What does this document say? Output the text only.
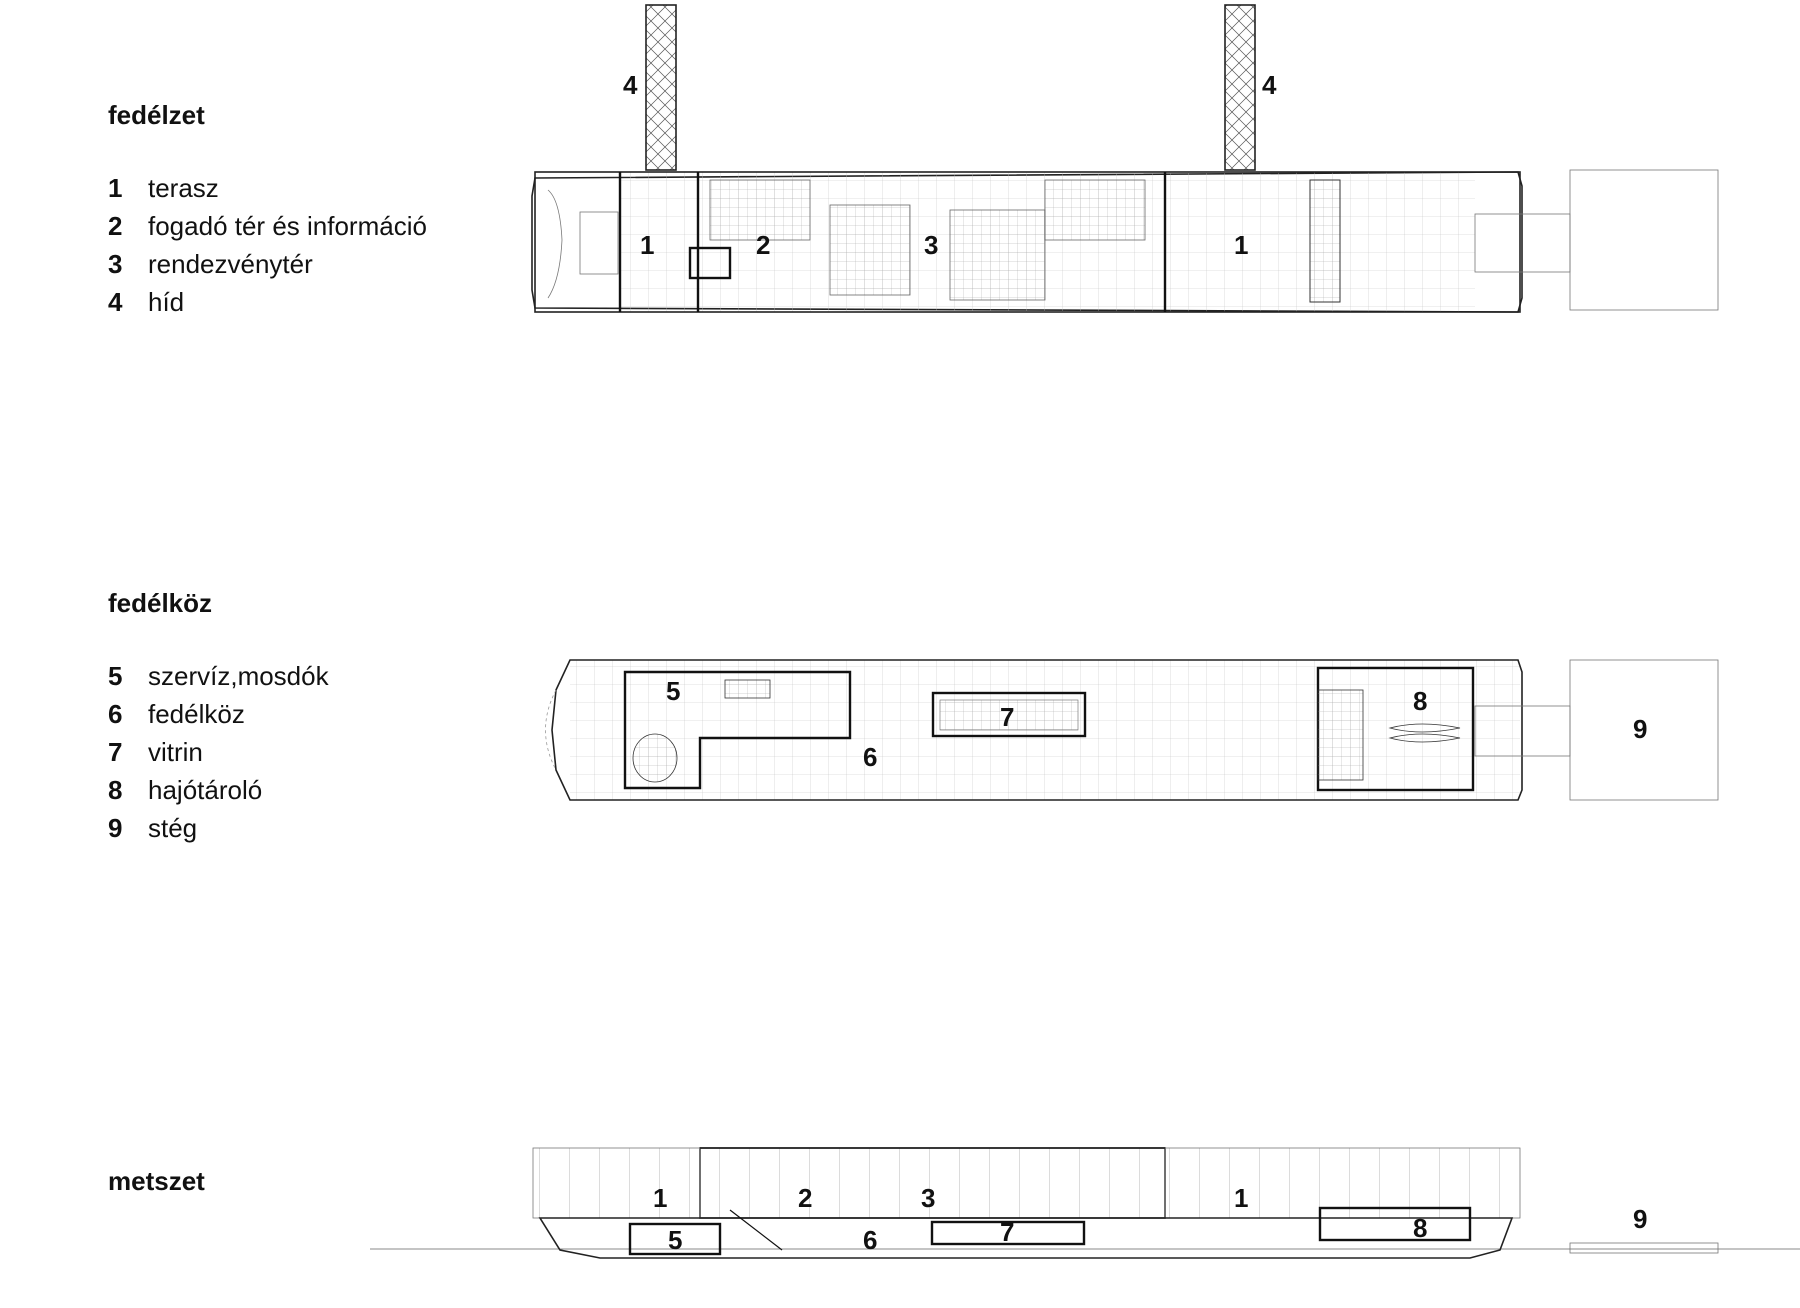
fedélzet
1 terasz
2 fogadó tér és információ
3 rendezvénytér
4 híd
fedélköz
5 szervíz,mosdók
6 fedélköz
7 vitrin
8 hajótároló
9 stég
metszet
4	4
1	2	3	1
5
7
6
8
9
1	2	3	1
5	6	7	8	9
